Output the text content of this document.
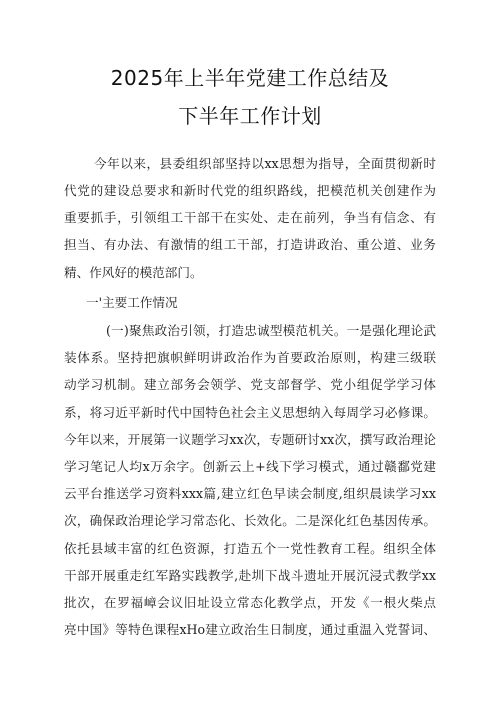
2025年上半年党建工作总结及
下半年工作计划
今年以来，县委组织部坚持以xx思想为指导，全面贯彻新时
代党的建设总要求和新时代党的组织路线，把模范机关创建作为
重要抓手，引领组工干部干在实处、走在前列，争当有信念、有
担当、有办法、有激情的组工干部，打造讲政治、重公道、业务
精、作风好的模范部门。
一'主要工作情况
(一)聚焦政治引领，打造忠诚型模范机关。一是强化理论武
装体系。坚持把旗帜鲜明讲政治作为首要政治原则，构建三级联
动学习机制。建立部务会领学、党支部督学、党小组促学学习体
系，将习近平新时代中国特色社会主义思想纳入每周学习必修课。
今年以来，开展第一议题学习xx次，专题研讨xx次，撰写政治理论
学习笔记人均x万余字。创新云上+线下学习模式，通过赣鄱党建
云平台推送学习资料xxx篇,建立红色早读会制度,组织晨读学习xx
次，确保政治理论学习常态化、长效化。二是深化红色基因传承。
依托县域丰富的红色资源，打造五个一党性教育工程。组织全体
干部开展重走红军路实践教学,赴圳下战斗遗址开展沉浸式教学xx
批次，在罗福嶂会议旧址设立常态化教学点，开发《一根火柴点
亮中国》等特色课程xHo建立政治生日制度，通过重温入党誓词、
